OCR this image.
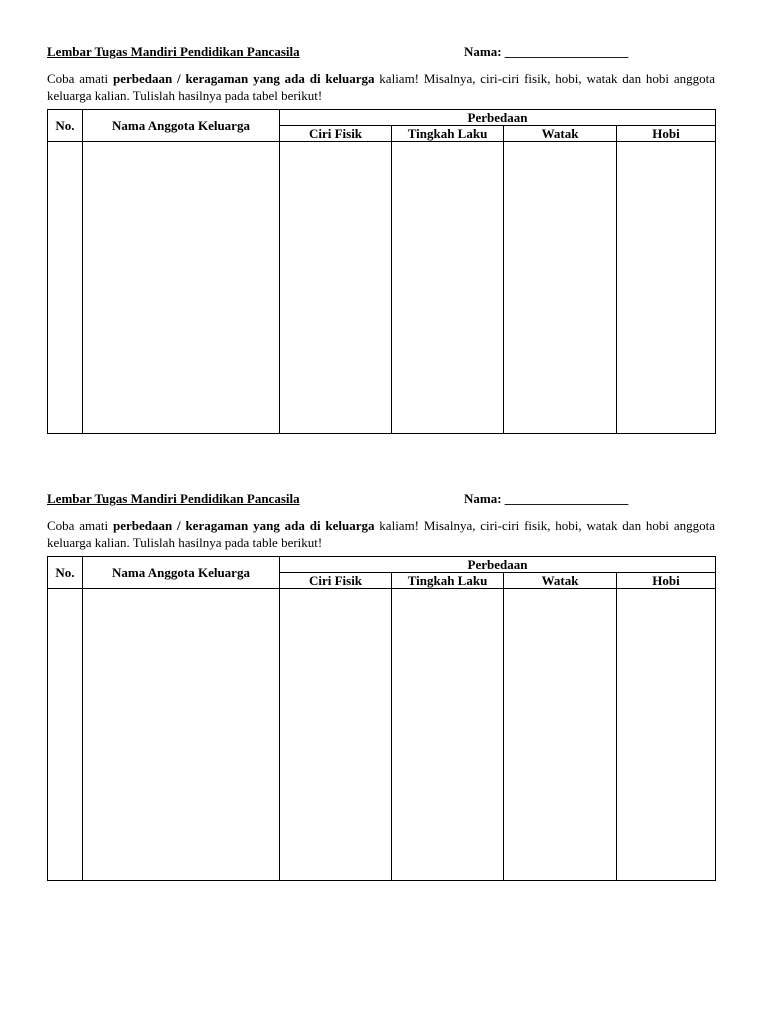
Lembar Tugas Mandiri Pendidikan Pancasila	Nama: ___________________
Coba amati perbedaan / keragaman yang ada di keluarga kaliam! Misalnya, ciri-ciri fisik, hobi, watak dan hobi anggota keluarga kalian. Tulislah hasilnya pada tabel berikut!
No.	Nama Anggota Keluarga	Perbedaan			
		Ciri Fisik	Tingkah Laku	Watak	Hobi

Lembar Tugas Mandiri Pendidikan Pancasila	Nama: ___________________
Coba amati perbedaan / keragaman yang ada di keluarga kaliam! Misalnya, ciri-ciri fisik, hobi, watak dan hobi anggota keluarga kalian. Tulislah hasilnya pada table berikut!
No.	Nama Anggota Keluarga	Perbedaan			
		Ciri Fisik	Tingkah Laku	Watak	Hobi
